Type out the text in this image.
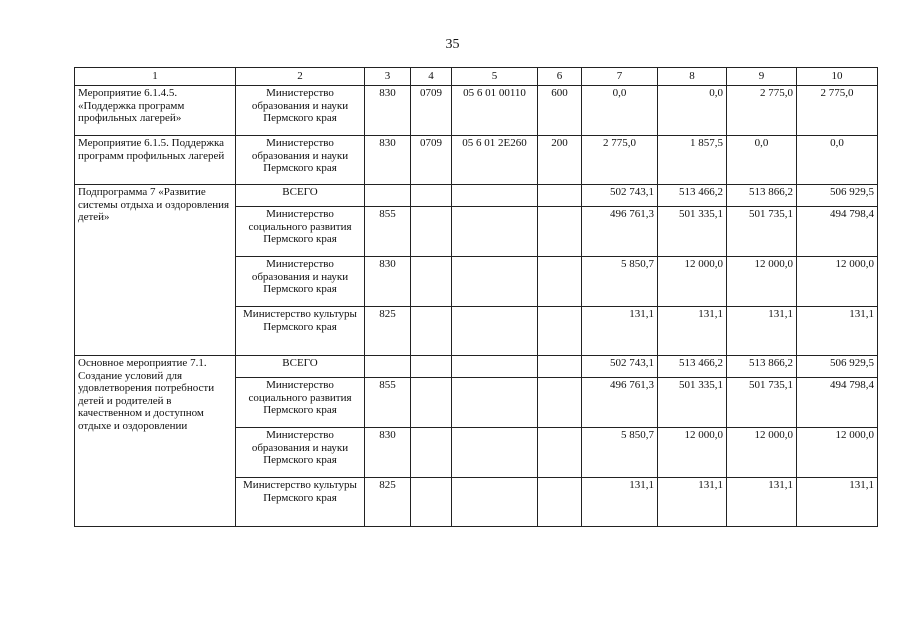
35
1	2	3	4	5	6	7	8	9	10
Мероприятие 6.1.4.5. «Поддержка программ профильных лагерей»	Министерство образования и науки Пермского края	830	0709	05 6 01 00110	600	0,0	0,0	2 775,0	2 775,0
Мероприятие 6.1.5. Поддержка программ профильных лагерей	Министерство образования и науки Пермского края	830	0709	05 6 01 2Е260	200	2 775,0	1 857,5	0,0	0,0
Подпрограмма 7 «Развитие системы отдыха и оздоровления детей»	ВСЕГО					502 743,1	513 466,2	513 866,2	506 929,5
	Министерство социального развития Пермского края	855				496 761,3	501 335,1	501 735,1	494 798,4
	Министерство образования и науки Пермского края	830				5 850,7	12 000,0	12 000,0	12 000,0
	Министерство культуры Пермского края	825				131,1	131,1	131,1	131,1
Основное мероприятие 7.1. Создание условий для удовлетворения потребности детей и родителей в качественном и доступном отдыхе и оздоровлении	ВСЕГО					502 743,1	513 466,2	513 866,2	506 929,5
	Министерство социального развития Пермского края	855				496 761,3	501 335,1	501 735,1	494 798,4
	Министерство образования и науки Пермского края	830				5 850,7	12 000,0	12 000,0	12 000,0
	Министерство культуры Пермского края	825				131,1	131,1	131,1	131,1
